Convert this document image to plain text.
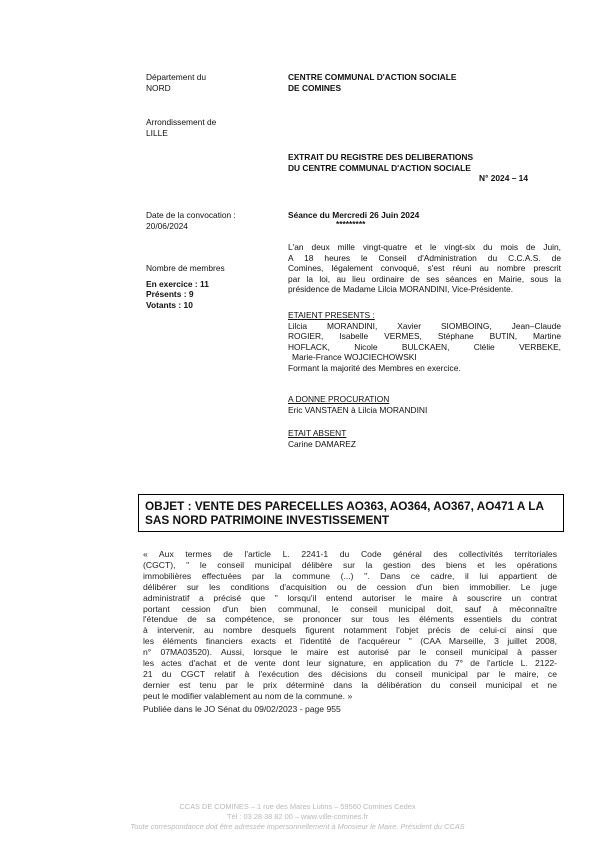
Département du
NORD
Arrondissement de
LILLE
Date de la convocation :
20/06/2024
Nombre de membres
En exercice : 11
Présents : 9
Votants : 10
CENTRE COMMUNAL D'ACTION SOCIALE
DE COMINES
EXTRAIT DU REGISTRE DES DELIBERATIONS
DU CENTRE COMMUNAL D'ACTION SOCIALE
N° 2024 – 14
Séance du Mercredi 26 Juin 2024
*********
L'an deux mille vingt-quatre et le vingt-six du mois de Juin,
A 18 heures le Conseil d'Administration du C.C.A.S. de
Comines, légalement convoqué, s'est réuni au nombre prescrit
par la loi, au lieu ordinaire de ses séances en Mairie, sous la
présidence de Madame Lilcia MORANDINI, Vice-Présidente.
ETAIENT PRESENTS :
Lilcia MORANDINI, Xavier SIOMBOING, Jean–Claude
ROGIER, Isabelle VERMES, Stéphane BUTIN, Martine
HOFLACK, Nicole BULCKAEN, Clélie VERBEKE,
Marie-France WOJCIECHOWSKI
Formant la majorité des Membres en exercice.
A DONNE PROCURATION
Eric VANSTAEN à Lilcia MORANDINI
ETAIT ABSENT
Carine DAMAREZ
OBJET : VENTE DES PARECELLES AO363, AO364, AO367, AO471 A LA
SAS NORD PATRIMOINE INVESTISSEMENT
« Aux termes de l'article L. 2241-1 du Code général des collectivités territoriales
(CGCT), " le conseil municipal délibère sur la gestion des biens et les opérations
immobilières effectuées par la commune (...) ". Dans ce cadre, il lui appartient de
délibérer sur les conditions d'acquisition ou de cession d'un bien immobilier. Le juge
administratif a précisé que " lorsqu'il entend autoriser le maire à souscrire un contrat
portant cession d'un bien communal, le conseil municipal doit, sauf à méconnaître
l'étendue de sa compétence, se prononcer sur tous les éléments essentiels du contrat
à intervenir, au nombre desquels figurent notamment l'objet précis de celui-ci ainsi que
les éléments financiers exacts et l'identité de l'acquéreur " (CAA Marseille, 3 juillet 2008,
n° 07MA03520). Aussi, lorsque le maire est autorisé par le conseil municipal à passer
les actes d'achat et de vente dont leur signature, en application du 7° de l'article L. 2122-
21 du CGCT relatif à l'exécution des décisions du conseil municipal par le maire, ce
dernier est tenu par le prix déterminé dans la délibération du conseil municipal et ne
peut le modifier valablement au nom de la commune. »
Publiée dans le JO Sénat du 09/02/2023 - page 955
CCAS DE COMINES – 1 rue des Mares Lutins – 59560 Comines Cedex
Tél : 03 28 38 82 00 – www.ville-comines.fr
Toute correspondance doit être adressée impersonnellement à Monsieur le Maire, Président du CCAS
